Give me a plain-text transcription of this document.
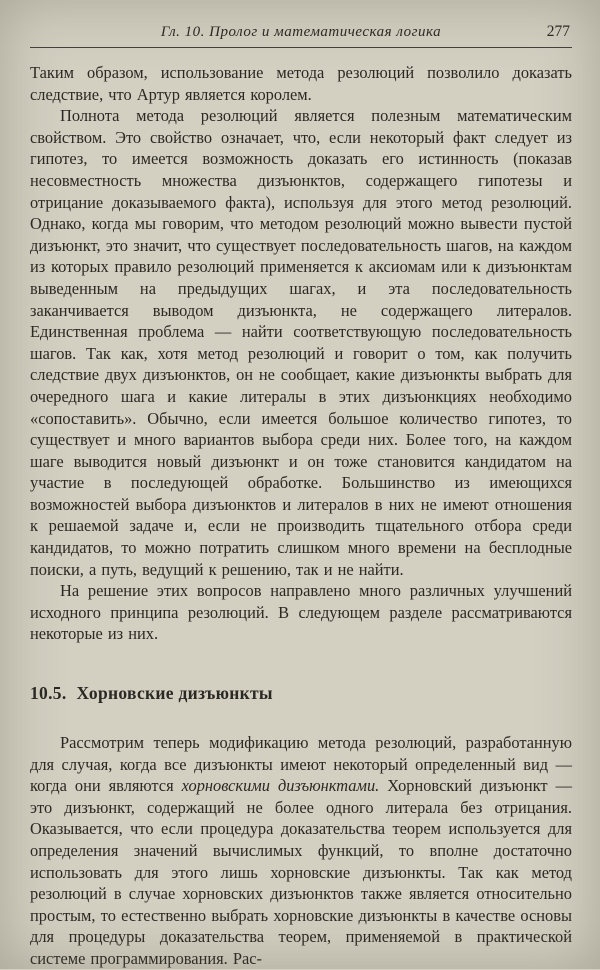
Гл. 10. Пролог и математическая логика	277

Таким образом, использование метода резолюций позволило доказать следствие, что Артур является королем.

Полнота метода резолюций является полезным математическим свойством. Это свойство означает, что, если некоторый факт следует из гипотез, то имеется возможность доказать его истинность (показав несовместность множества дизъюнктов, содержащего гипотезы и отрицание доказываемого факта), используя для этого метод резолюций. Однако, когда мы говорим, что методом резолюций можно вывести пустой дизъюнкт, это значит, что существует последовательность шагов, на каждом из которых правило резолюций применяется к аксиомам или к дизъюнктам выведенным на предыдущих шагах, и эта последовательность заканчивается выводом дизъюнкта, не содержащего литералов. Единственная проблема — найти соответствующую последовательность шагов. Так как, хотя метод резолюций и говорит о том, как получить следствие двух дизъюнктов, он не сообщает, какие дизъюнкты выбрать для очередного шага и какие литералы в этих дизъюнкциях необходимо «сопоставить». Обычно, если имеется большое количество гипотез, то существует и много вариантов выбора среди них. Более того, на каждом шаге выводится новый дизъюнкт и он тоже становится кандидатом на участие в последующей обработке. Большинство из имеющихся возможностей выбора дизъюнктов и литералов в них не имеют отношения к решаемой задаче и, если не производить тщательного отбора среди кандидатов, то можно потратить слишком много времени на бесплодные поиски, а путь, ведущий к решению, так и не найти.

На решение этих вопросов направлено много различных улучшений исходного принципа резолюций. В следующем разделе рассматриваются некоторые из них.

10.5. Хорновские дизъюнкты

Рассмотрим теперь модификацию метода резолюций, разработанную для случая, когда все дизъюнкты имеют некоторый определенный вид — когда они являются хорновскими дизъюнктами. Хорновский дизъюнкт — это дизъюнкт, содержащий не более одного литерала без отрицания. Оказывается, что если процедура доказательства теорем используется для определения значений вычислимых функций, то вполне достаточно использовать для этого лишь хорновские дизъюнкты. Так как метод резолюций в случае хорновских дизъюнктов также является относительно простым, то естественно выбрать хорновские дизъюнкты в качестве основы для процедуры доказательства теорем, применяемой в практической системе программирования. Рас-
